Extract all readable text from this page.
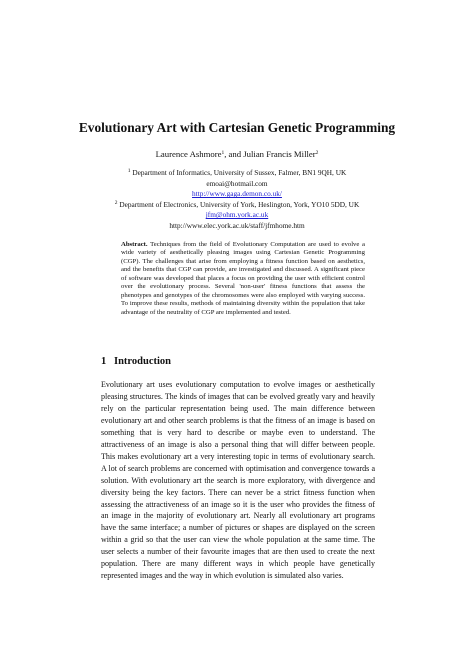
Evolutionary Art with Cartesian Genetic Programming
Laurence Ashmore$^1$, and Julian Francis Miller$^2$
$^1$ Department of Informatics, University of Sussex, Falmer, BN1 9QH, UK
emoai@hotmail.com
http://www.gaga.demon.co.uk/
$^2$ Department of Electronics, University of York, Heslington, York, YO10 5DD, UK
jfm@ohm.york.ac.uk
http://www.elec.york.ac.uk/staff/jfmhome.htm
Abstract. Techniques from the field of Evolutionary Computation are used to evolve a wide variety of aesthetically pleasing images using Cartesian Genetic Programming (CGP). The challenges that arise from employing a fitness function based on aesthetics, and the benefits that CGP can provide, are investigated and discussed. A significant piece of software was developed that places a focus on providing the user with efficient control over the evolutionary process. Several 'non-user' fitness functions that assess the phenotypes and genotypes of the chromosomes were also employed with varying success. To improve these results, methods of maintaining diversity within the population that take advantage of the neutrality of CGP are implemented and tested.
1 Introduction
Evolutionary art uses evolutionary computation to evolve images or aesthetically pleasing structures. The kinds of images that can be evolved greatly vary and heavily rely on the particular representation being used. The main difference between evolutionary art and other search problems is that the fitness of an image is based on something that is very hard to describe or maybe even to understand. The attractiveness of an image is also a personal thing that will differ between people. This makes evolutionary art a very interesting topic in terms of evolutionary search. A lot of search problems are concerned with optimisation and convergence towards a solution. With evolutionary art the search is more exploratory, with divergence and diversity being the key factors. There can never be a strict fitness function when assessing the attractiveness of an image so it is the user who provides the fitness of an image in the majority of evolutionary art. Nearly all evolutionary art programs have the same interface; a number of pictures or shapes are displayed on the screen within a grid so that the user can view the whole population at the same time. The user selects a number of their favourite images that are then used to create the next population. There are many different ways in which people have genetically represented images and the way in which evolution is simulated also varies.
